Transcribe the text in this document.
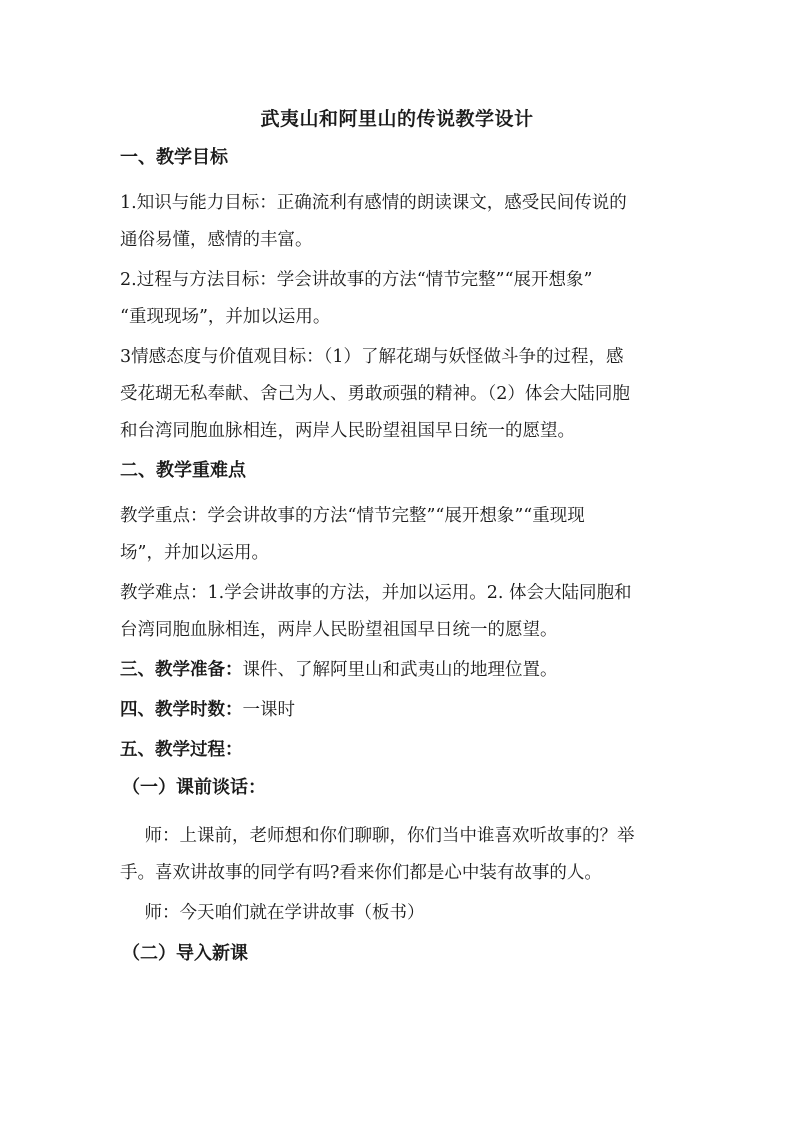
武夷山和阿里山的传说教学设计
一、教学目标
1.知识与能力目标：正确流利有感情的朗读课文，感受民间传说的
通俗易懂，感情的丰富。
2.过程与方法目标：学会讲故事的方法“情节完整”“展开想象”
“重现现场”，并加以运用。
3情感态度与价值观目标：（1）了解花瑚与妖怪做斗争的过程，感
受花瑚无私奉献、舍己为人、勇敢顽强的精神。（2）体会大陆同胞
和台湾同胞血脉相连，两岸人民盼望祖国早日统一的愿望。
二、教学重难点
教学重点：学会讲故事的方法“情节完整”“展开想象”“重现现
场”，并加以运用。
教学难点：1.学会讲故事的方法，并加以运用。2. 体会大陆同胞和
台湾同胞血脉相连，两岸人民盼望祖国早日统一的愿望。
三、教学准备：课件、了解阿里山和武夷山的地理位置。
四、教学时数：一课时
五、教学过程：
（一）课前谈话：
师：上课前，老师想和你们聊聊，你们当中谁喜欢听故事的？举
手。喜欢讲故事的同学有吗?看来你们都是心中装有故事的人。
师：今天咱们就在学讲故事（板书）
（二）导入新课
